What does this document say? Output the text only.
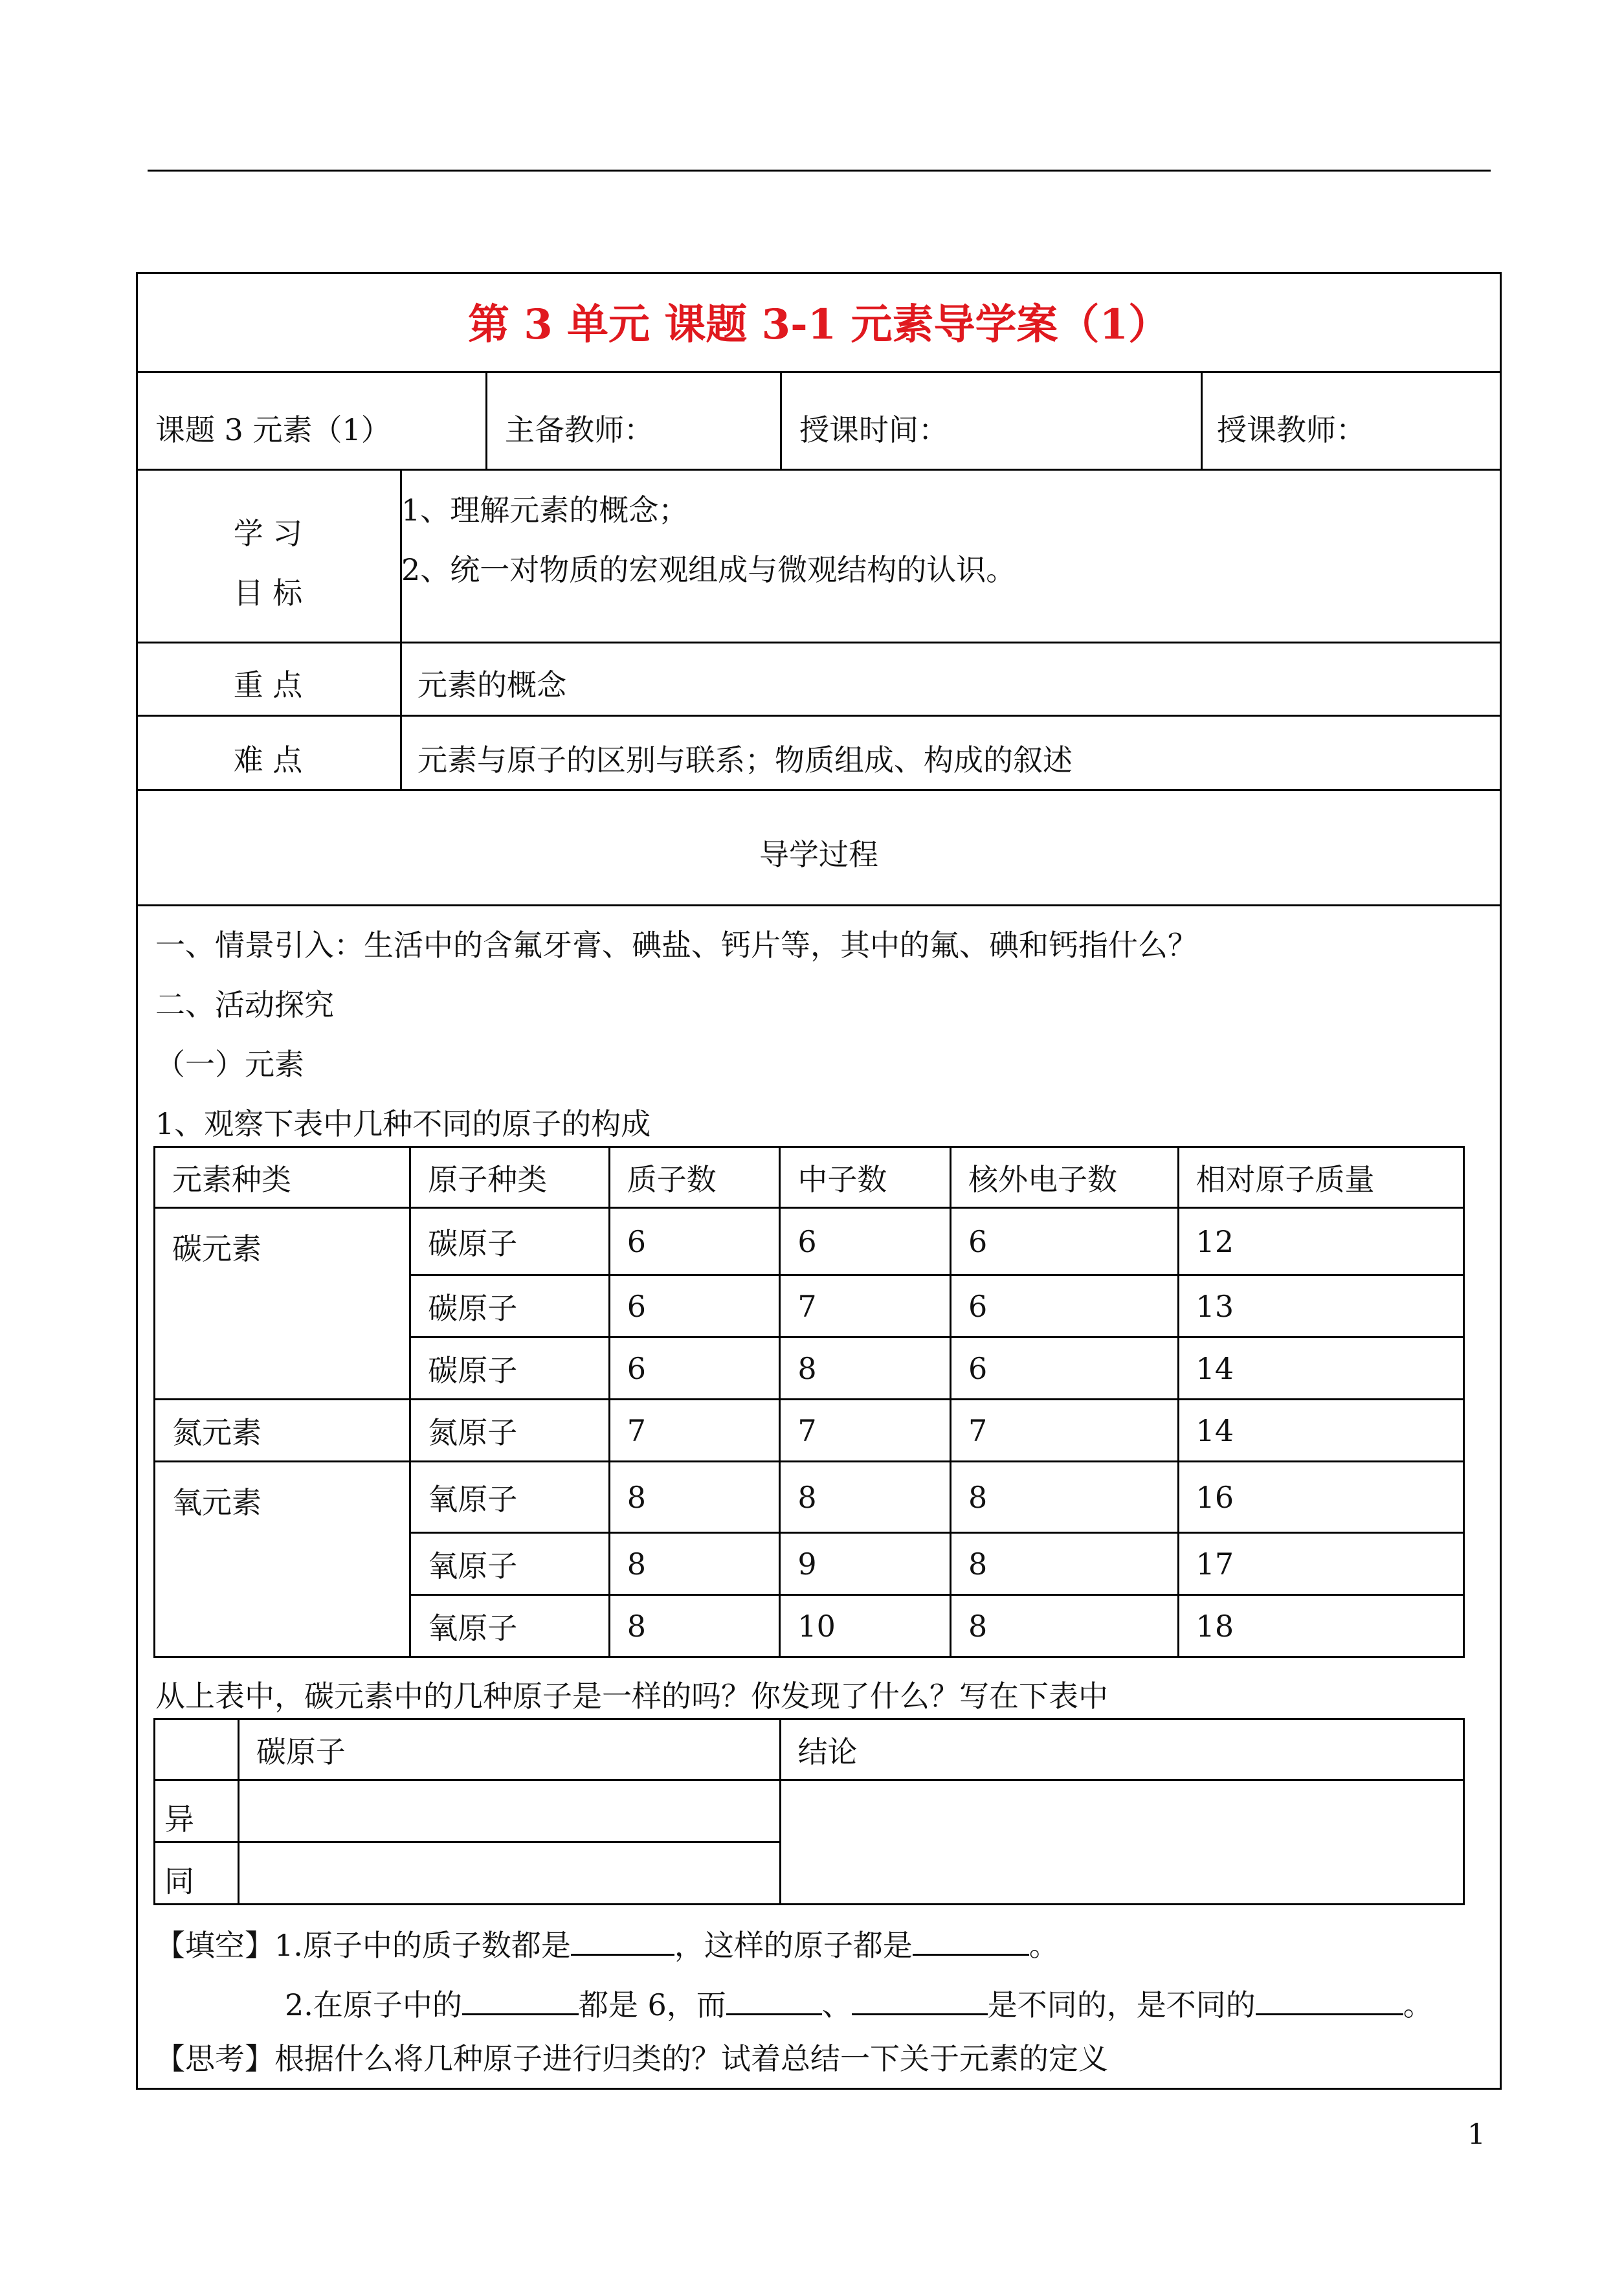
第 3 单元 课题 3-1 元素导学案（1）
课题 3 元素（1）	主备教师：	授课时间：	授课教师：
学 习
目 标
1、理解元素的概念；
2、统一对物质的宏观组成与微观结构的认识。
重 点	元素的概念
难 点	元素与原子的区别与联系；物质组成、构成的叙述
导学过程
一、情景引入：生活中的含氟牙膏、碘盐、钙片等，其中的氟、碘和钙指什么？
二、活动探究
（一）元素
1、观察下表中几种不同的原子的构成
元素种类	原子种类	质子数	中子数	核外电子数	相对原子质量
碳元素	碳原子	6	6	6	12
	碳原子	6	7	6	13
	碳原子	6	8	6	14
氮元素	氮原子	7	7	7	14
氧元素	氧原子	8	8	8	16
	氧原子	8	9	8	17
	氧原子	8	10	8	18
从上表中，碳元素中的几种原子是一样的吗？你发现了什么？写在下表中
	碳原子	结论
异		
同		
【填空】1.原子中的质子数都是	，这样的原子都是	。
2.在原子中的	都是 6，而	、	是不同的，是不同的	。
【思考】根据什么将几种原子进行归类的？试着总结一下关于元素的定义
1
